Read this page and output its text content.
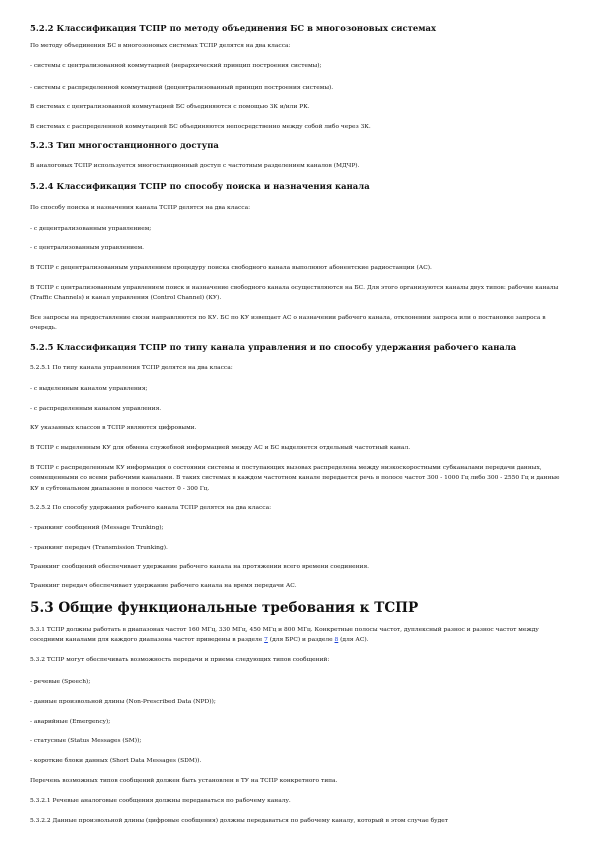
5.2.2 Классификация ТСПР по методу объединения БС в многозоновых системах
По методу объединения БС в многозоновых системах ТСПР делятся на два класса:
- системы с централизованной коммутацией (иерархический принцип построения системы);
- системы с распределенной коммутацией (децентрализованный принцип построения системы).
В системах с централизованной коммутацией БС объединяются с помощью ЗК и/или РК.
В системах с распределенной коммутацией БС объединяются непосредственно между собой либо через ЗК.
5.2.3 Тип многостанционного доступа
В аналоговых ТСПР используется многостанционный доступ с частотным разделением каналов (МДЧР).
5.2.4 Классификация ТСПР по способу поиска и назначения канала
По способу поиска и назначения канала ТСПР делятся на два класса:
- с децентрализованным управлением;
- с централизованным управлением.
В ТСПР с децентрализованным управлением процедуру поиска свободного канала выполняют абонентские радиостанции (АС).
В ТСПР с централизованным управлением поиск и назначение свободного канала осуществляются на БС. Для этого организуются каналы двух типов: рабочие каналы (Traffic Channels) и канал управления (Control Channel) (КУ).
Все запросы на предоставление связи направляются по КУ. БС по КУ извещает АС о назначении рабочего канала, отклонении запроса или о постановке запроса в очередь.
5.2.5 Классификация ТСПР по типу канала управления и по способу удержания рабочего канала
5.2.5.1 По типу канала управления ТСПР делятся на два класса:
- с выделенным каналом управления;
- с распределенным каналом управления.
КУ указанных классов в ТСПР являются цифровыми.
В ТСПР с выделенным КУ для обмена служебной информацией между АС и БС выделяется отдельный частотный канал.
В ТСПР с распределенным КУ информация о состоянии системы и поступающих вызовах распределена между низкоскоростными субканалами передачи данных, совмещенными со всеми рабочими каналами. В таких системах в каждом частотном канале передается речь в полосе частот 300 - 1000 Гц либо 300 - 2550 Гц и данные КУ в субтональном диапазоне в полосе частот 0 - 300 Гц.
5.2.5.2 По способу удержания рабочего канала ТСПР делятся на два класса:
- транкинг сообщений (Message Trunking);
- транкинг передач (Transmission Trunking).
Транкинг сообщений обеспечивает удержание рабочего канала на протяжении всего времени соединения.
Транкинг передач обеспечивает удержание рабочего канала на время передачи АС.
5.3 Общие функциональные требования к ТСПР
5.3.1 ТСПР должны работать в диапазонах частот 160 МГц, 330 МГц, 450 МГц и 800 МГц. Конкретные полосы частот, дуплексный разнос и разнос частот между соседними каналами для каждого диапазона частот приведены в разделе 7 (для БРС) и разделе 8 (для АС).
5.3.2 ТСПР могут обеспечивать возможность передачи и приема следующих типов сообщений:
- речевые (Speech);
- данные произвольной длины (Non-Prescribed Data (NPD));
- аварийные (Emergency);
- статусные (Status Messages (SM));
- короткие блоки данных (Short Data Messages (SDM)).
Перечень возможных типов сообщений должен быть установлен в ТУ на ТСПР конкретного типа.
5.3.2.1 Речевые аналоговые сообщения должны передаваться по рабочему каналу.
5.3.2.2 Данные произвольной длины (цифровые сообщения) должны передаваться по рабочему каналу, который в этом случае будет
